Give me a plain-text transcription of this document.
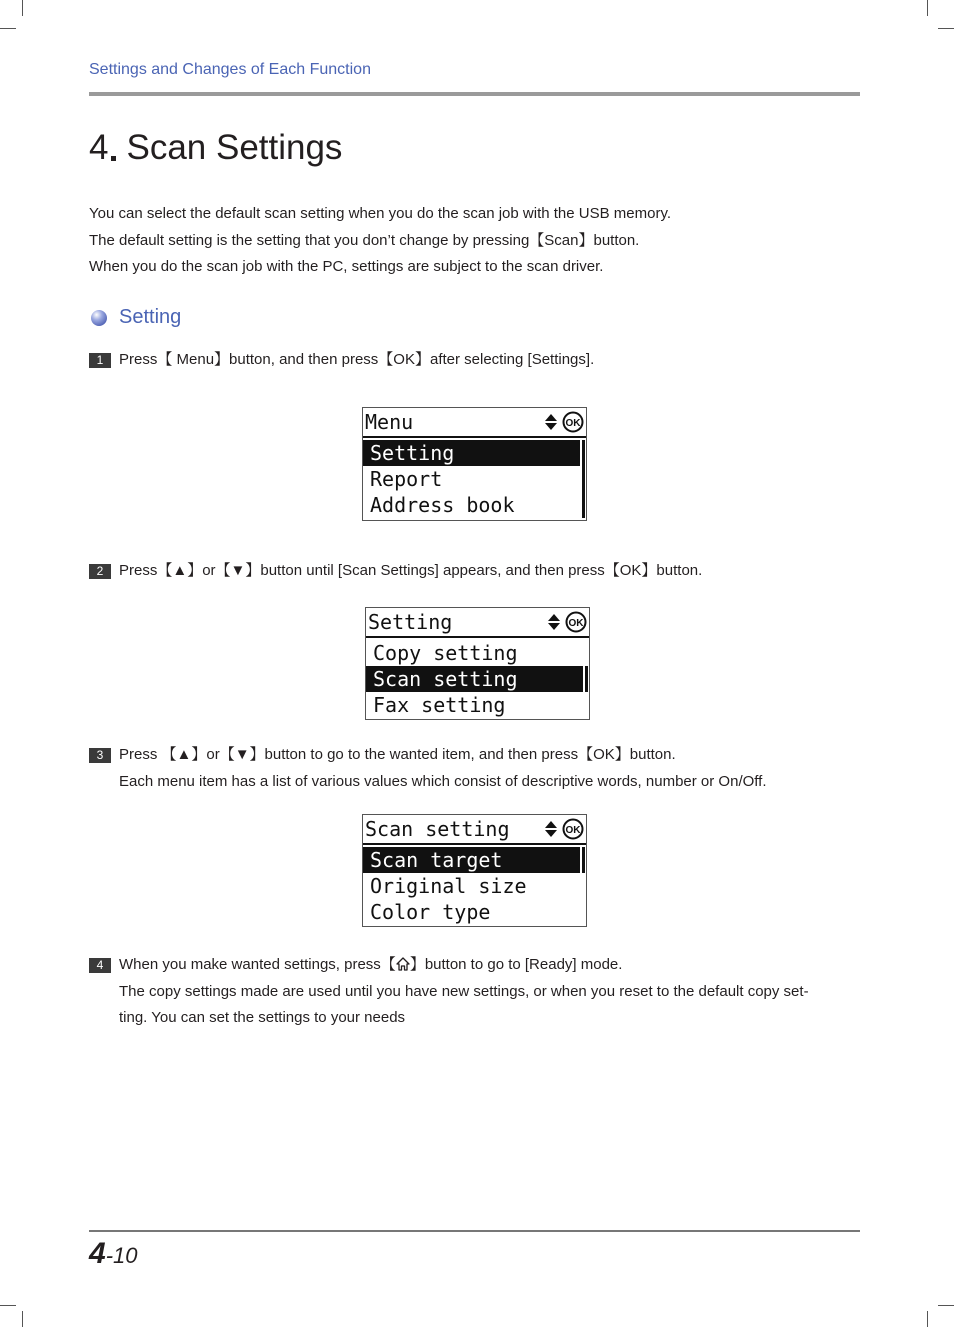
Settings and Changes of Each Function
4 Scan Settings

You can select the default scan setting when you do the scan job with the USB memory.

The default setting is the setting that you don’t change by pressing【Scan】button.

When you do the scan job with the PC, settings are subject to the scan driver.

Setting
1	Press【 Menu】button, and then press【OK】after selecting [Settings].

Menu	OK
Setting
Report
Address book
2	Press【▲】or【▼】button until [Scan Settings] appears, and then press【OK】button.

Setting	OK
Copy setting
Scan setting
Fax setting
3	Press 【▲】or【▼】button to go to the wanted item, and then press【OK】button.

Each menu item has a list of various values which consist of descriptive words, number or On/Off.

Scan setting	OK
Scan target
Original size
Color type
4	When you make wanted settings, press【 】button to go to [Ready] mode.

The copy settings made are used until you have new settings, or when you reset to the default copy set-

ting. You can set the settings to your needs

4-10
